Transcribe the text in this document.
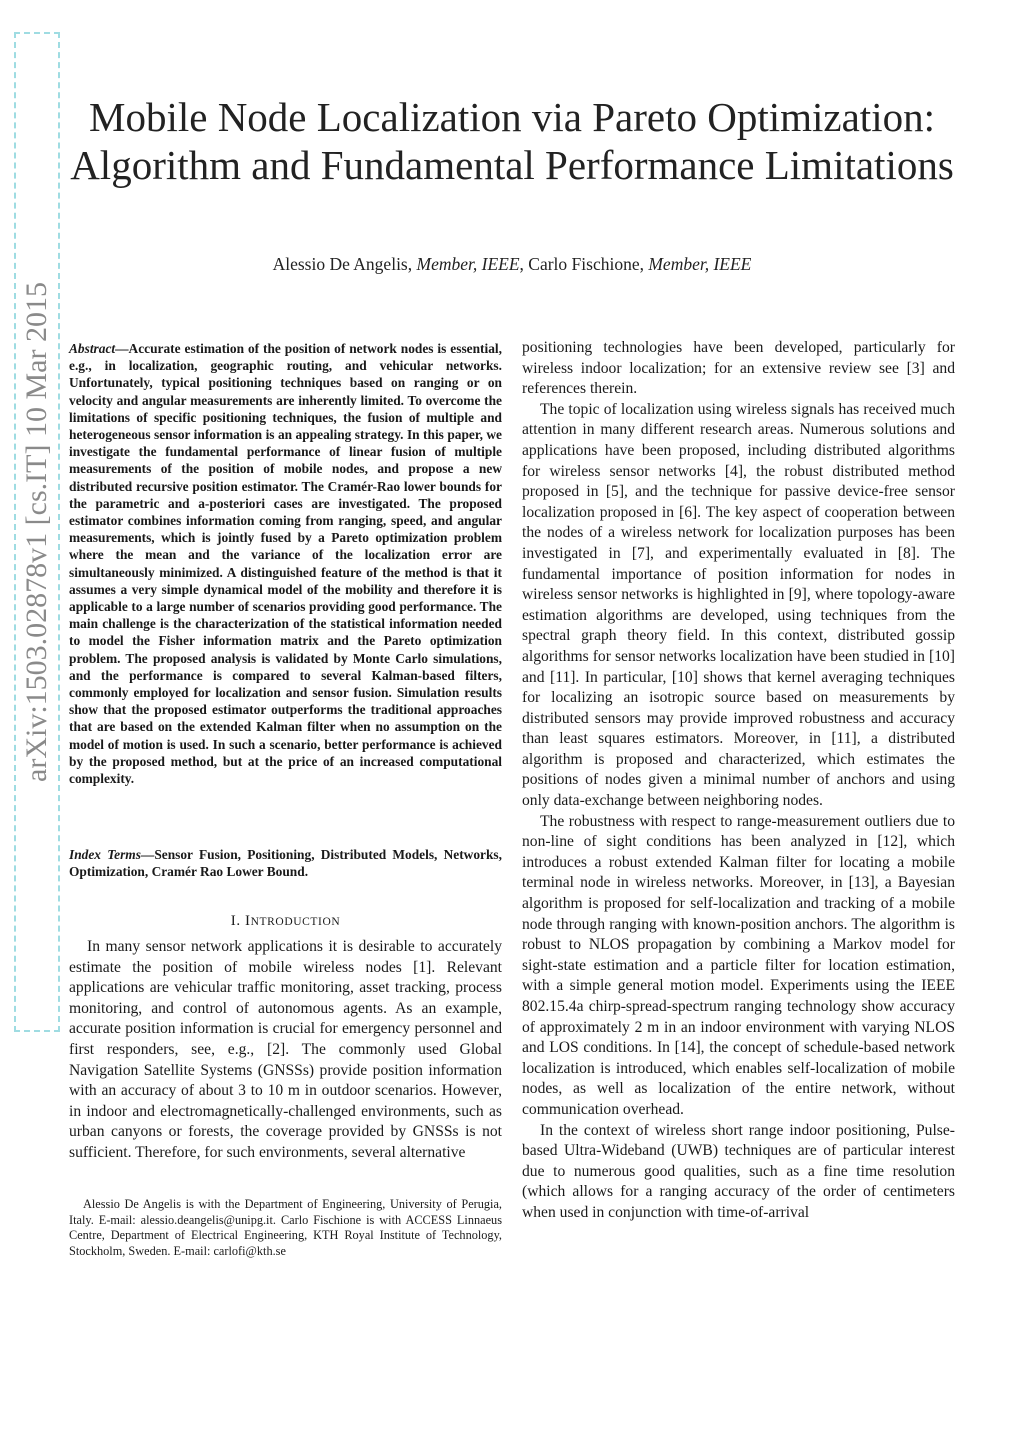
Mobile Node Localization via Pareto Optimization: Algorithm and Fundamental Performance Limitations
Alessio De Angelis, Member, IEEE, Carlo Fischione, Member, IEEE
arXiv:1503.02878v1 [cs.IT] 10 Mar 2015	Abstract—Accurate estimation of the position of network nodes is essential, e.g., in localization, geographic routing, and vehicular networks. Unfortunately, typical positioning techniques based on ranging or on velocity and angular measurements are inherently limited. To overcome the limitations of specific positioning techniques, the fusion of multiple and heterogeneous sensor information is an appealing strategy. In this paper, we investigate the fundamental performance of linear fusion of multiple measurements of the position of mobile nodes, and propose a new distributed recursive position estimator. The Cramér-Rao lower bounds for the parametric and a-posteriori cases are investigated. The proposed estimator combines information coming from ranging, speed, and angular measurements, which is jointly fused by a Pareto optimization problem where the mean and the variance of the localization error are simultaneously minimized. A distinguished feature of the method is that it assumes a very simple dynamical model of the mobility and therefore it is applicable to a large number of scenarios providing good performance. The main challenge is the characterization of the statistical information needed to model the Fisher information matrix and the Pareto optimization problem. The proposed analysis is validated by Monte Carlo simulations, and the performance is compared to several Kalman-based filters, commonly employed for localization and sensor fusion. Simulation results show that the proposed estimator outperforms the traditional approaches that are based on the extended Kalman filter when no assumption on the model of motion is used. In such a scenario, better performance is achieved by the proposed method, but at the price of an increased computational complexity.

Index Terms—Sensor Fusion, Positioning, Distributed Models, Networks, Optimization, Cramér Rao Lower Bound.

I. INTRODUCTION

In many sensor network applications it is desirable to accurately estimate the position of mobile wireless nodes [1]. Relevant applications are vehicular traffic monitoring, asset tracking, process monitoring, and control of autonomous agents. As an example, accurate position information is crucial for emergency personnel and first responders, see, e.g., [2]. The commonly used Global Navigation Satellite Systems (GNSSs) provide position information with an accuracy of about 3 to 10 m in outdoor scenarios. However, in indoor and electromagnetically-challenged environments, such as urban canyons or forests, the coverage provided by GNSSs is not sufficient. Therefore, for such environments, several alternative

Alessio De Angelis is with the Department of Engineering, University of Perugia, Italy. E-mail: alessio.deangelis@unipg.it. Carlo Fischione is with ACCESS Linnaeus Centre, Department of Electrical Engineering, KTH Royal Institute of Technology, Stockholm, Sweden. E-mail: carlofi@kth.se

positioning technologies have been developed, particularly for wireless indoor localization; for an extensive review see [3] and references therein.

The topic of localization using wireless signals has received much attention in many different research areas. Numerous solutions and applications have been proposed, including distributed algorithms for wireless sensor networks [4], the robust distributed method proposed in [5], and the technique for passive device-free sensor localization proposed in [6]. The key aspect of cooperation between the nodes of a wireless network for localization purposes has been investigated in [7], and experimentally evaluated in [8]. The fundamental importance of position information for nodes in wireless sensor networks is highlighted in [9], where topology-aware estimation algorithms are developed, using techniques from the spectral graph theory field. In this context, distributed gossip algorithms for sensor networks localization have been studied in [10] and [11]. In particular, [10] shows that kernel averaging techniques for localizing an isotropic source based on measurements by distributed sensors may provide improved robustness and accuracy than least squares estimators. Moreover, in [11], a distributed algorithm is proposed and characterized, which estimates the positions of nodes given a minimal number of anchors and using only data-exchange between neighboring nodes.

The robustness with respect to range-measurement outliers due to non-line of sight conditions has been analyzed in [12], which introduces a robust extended Kalman filter for locating a mobile terminal node in wireless networks. Moreover, in [13], a Bayesian algorithm is proposed for self-localization and tracking of a mobile node through ranging with known-position anchors. The algorithm is robust to NLOS propagation by combining a Markov model for sight-state estimation and a particle filter for location estimation, with a simple general motion model. Experiments using the IEEE 802.15.4a chirp-spread-spectrum ranging technology show accuracy of approximately 2 m in an indoor environment with varying NLOS and LOS conditions. In [14], the concept of schedule-based network localization is introduced, which enables self-localization of mobile nodes, as well as localization of the entire network, without communication overhead.

In the context of wireless short range indoor positioning, Pulse-based Ultra-Wideband (UWB) techniques are of particular interest due to numerous good qualities, such as a fine time resolution (which allows for a ranging accuracy of the order of centimeters when used in conjunction with time-of-arrival
